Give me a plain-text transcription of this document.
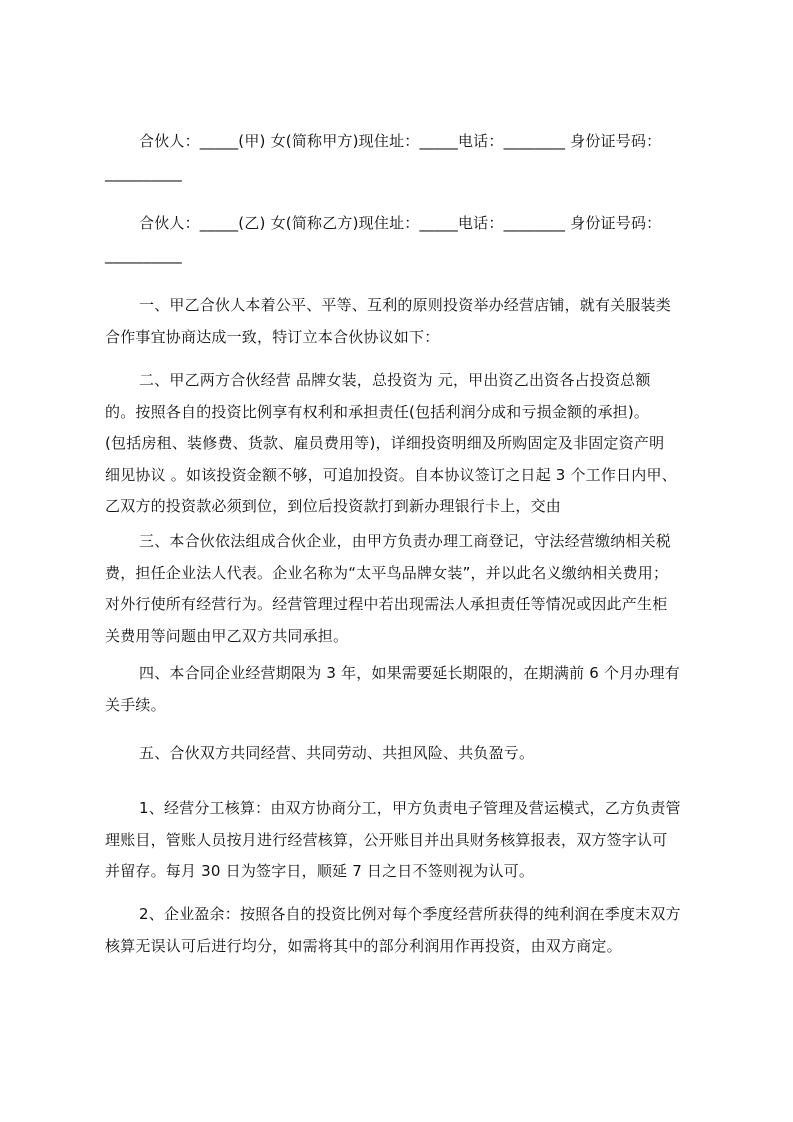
合伙人：_____(甲) 女(简称甲方)现住址：_____电话：________ 身份证号码：
__________
合伙人：_____(乙) 女(简称乙方)现住址：_____电话：________ 身份证号码：
__________
一、甲乙合伙人本着公平、平等、互利的原则投资举办经营店铺，就有关服装类
合作事宜协商达成一致，特订立本合伙协议如下：
二、甲乙两方合伙经营 品牌女装，总投资为 元，甲出资乙出资各占投资总额
的。按照各自的投资比例享有权利和承担责任(包括利润分成和亏损金额的承担)。
(包括房租、装修费、货款、雇员费用等)，详细投资明细及所购固定及非固定资产明
细见协议 。如该投资金额不够，可追加投资。自本协议签订之日起 3 个工作日内甲、
乙双方的投资款必须到位，到位后投资款打到新办理银行卡上，交由
三、本合伙依法组成合伙企业，由甲方负责办理工商登记，守法经营缴纳相关税
费，担任企业法人代表。企业名称为“太平鸟品牌女装”，并以此名义缴纳相关费用；
对外行使所有经营行为。经营管理过程中若出现需法人承担责任等情况或因此产生柜
关费用等问题由甲乙双方共同承担。
四、本合同企业经营期限为 3 年，如果需要延长期限的，在期满前 6 个月办理有
关手续。
五、合伙双方共同经营、共同劳动、共担风险、共负盈亏。
1、经营分工核算：由双方协商分工，甲方负责电子管理及营运模式，乙方负责管
理账目，管账人员按月进行经营核算，公开账目并出具财务核算报表，双方签字认可
并留存。每月 30 日为签字日，顺延 7 日之日不签则视为认可。
2、企业盈余：按照各自的投资比例对每个季度经营所获得的纯利润在季度末双方
核算无误认可后进行均分，如需将其中的部分利润用作再投资，由双方商定。
